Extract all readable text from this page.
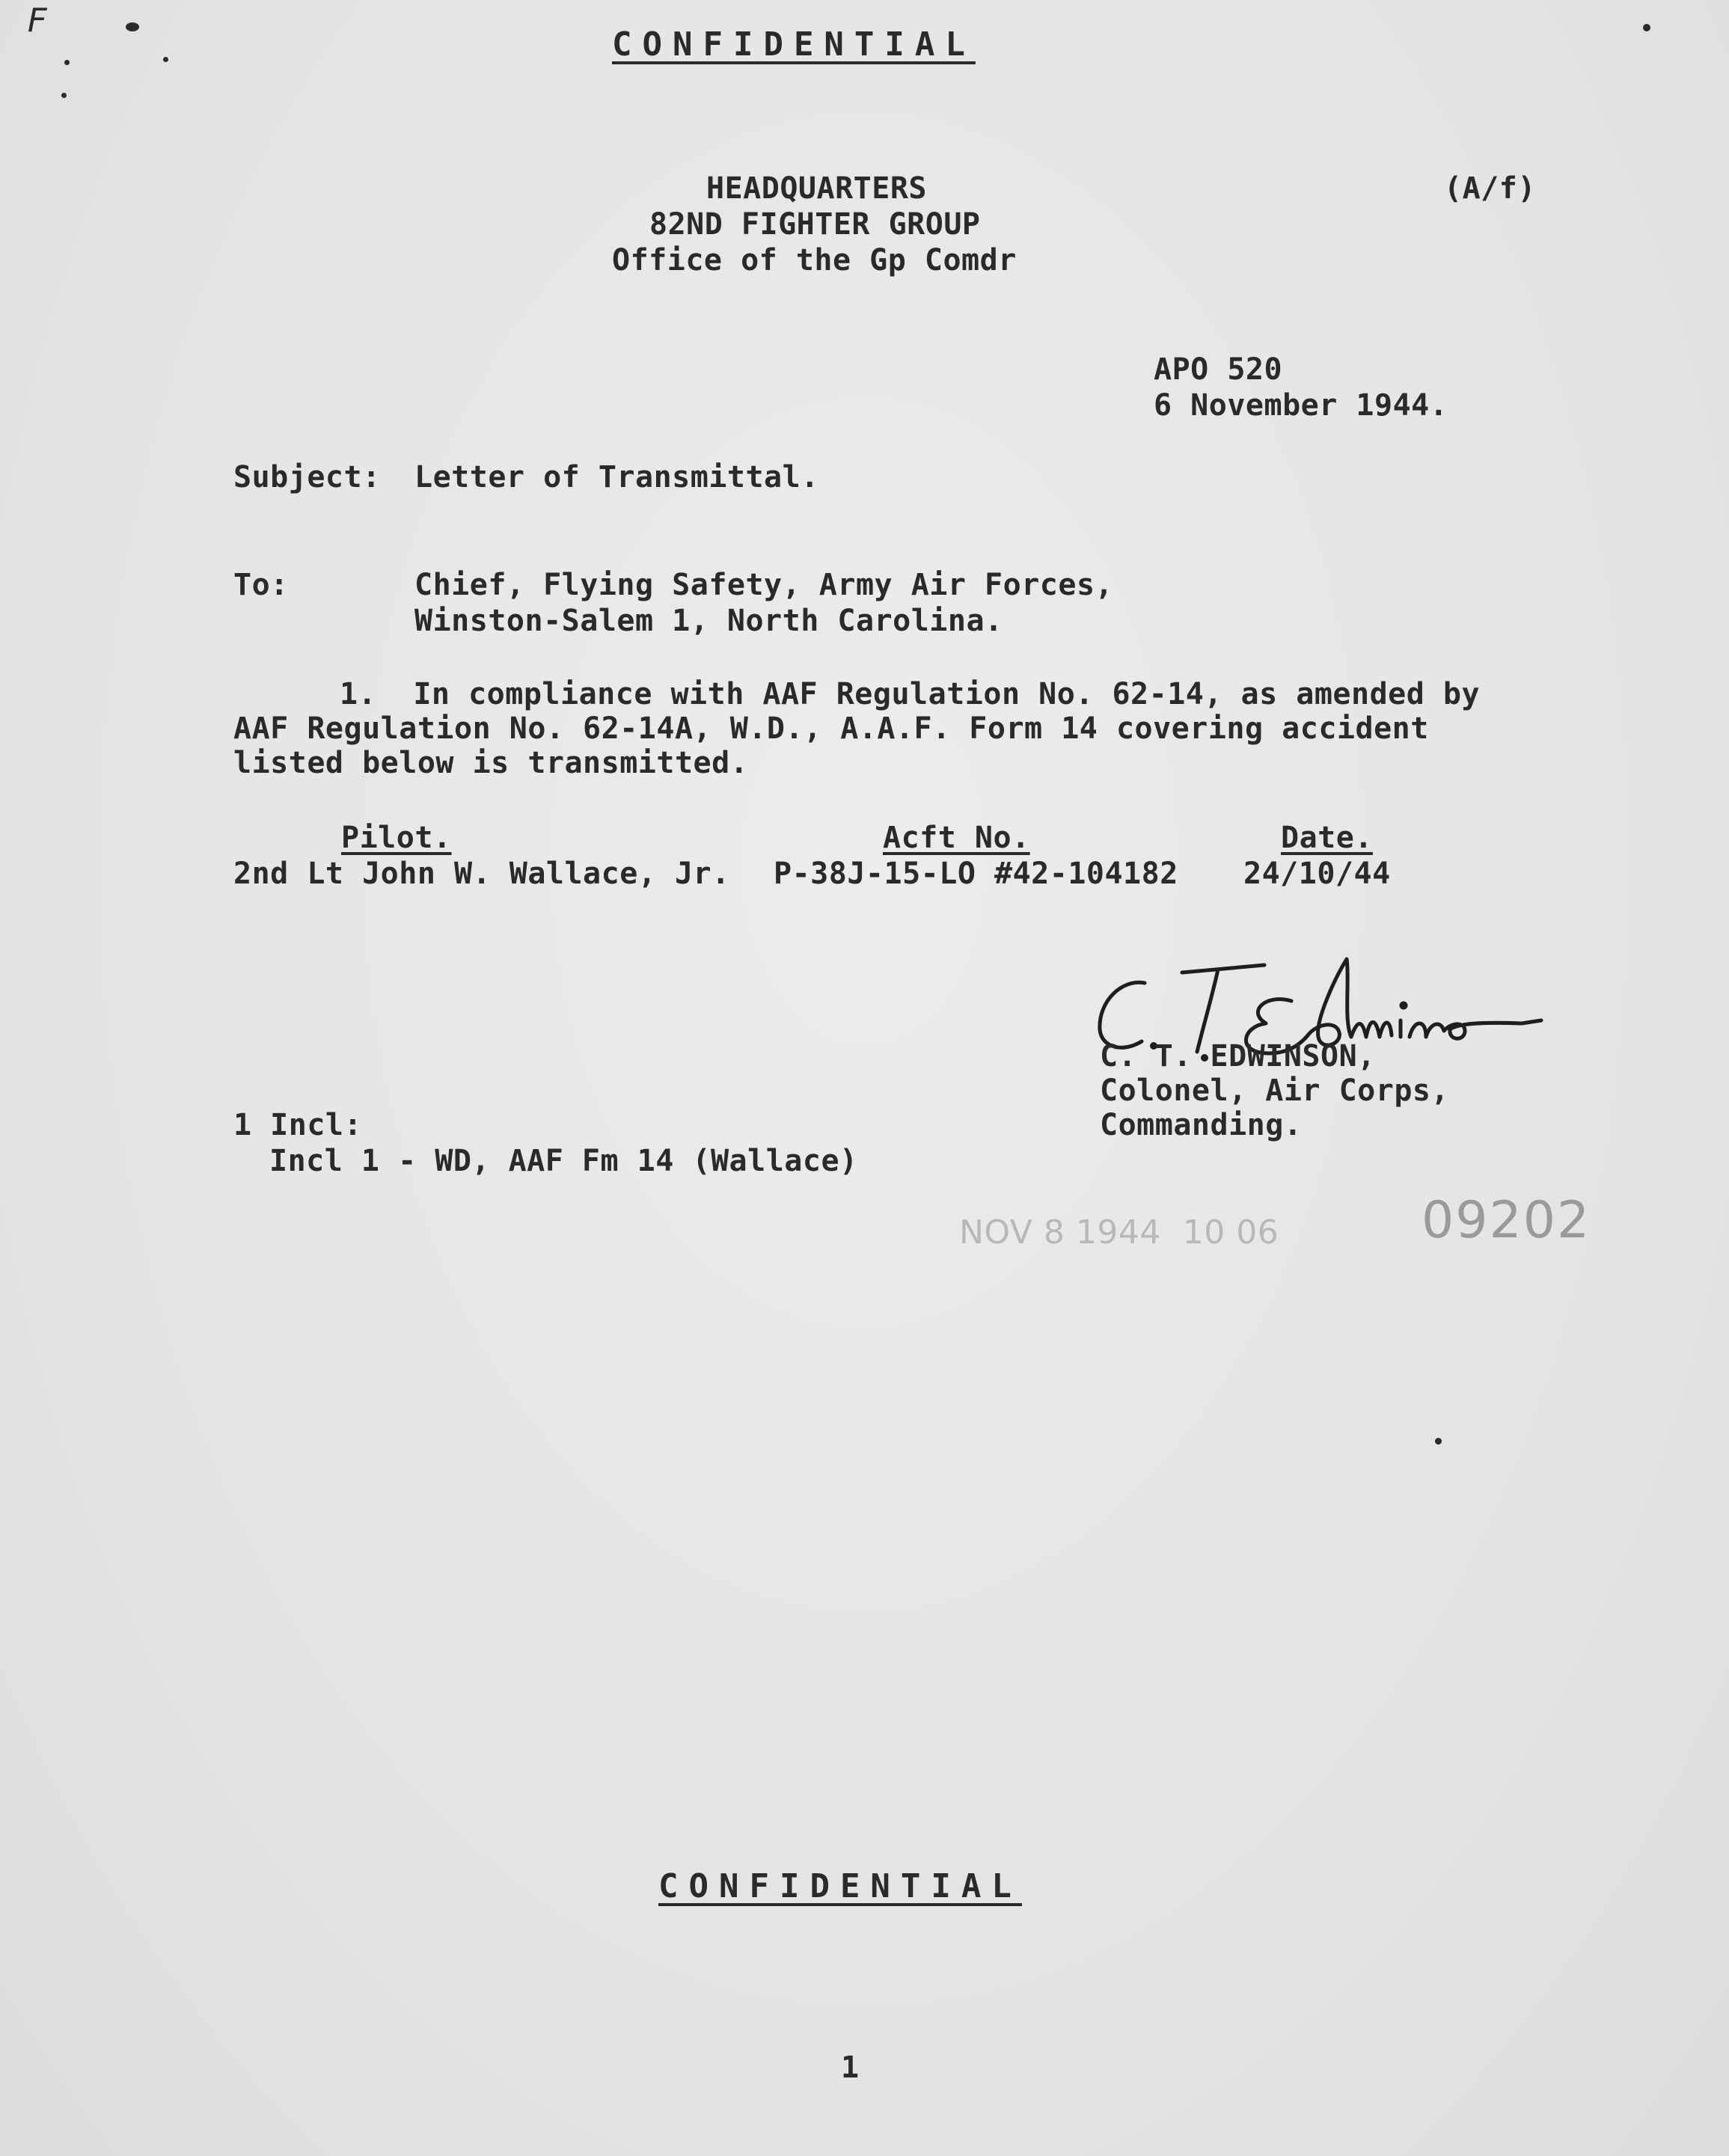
F
CONFIDENTIAL
HEADQUARTERS
82ND FIGHTER GROUP
Office of the Gp Comdr
(A/f)
APO 520
6 November 1944.
Subject: Letter of Transmittal.
To:	Chief, Flying Safety, Army Air Forces,
Winston-Salem 1, North Carolina.
1.  In compliance with AAF Regulation No. 62-14, as amended by
AAF Regulation No. 62-14A, W.D., A.A.F. Form 14 covering accident
listed below is transmitted.
Pilot.	Acft No.	Date.
2nd Lt John W. Wallace, Jr. P-38J-15-LO #42-104182 24/10/44
C. T. EDWINSON,
Colonel, Air Corps,
Commanding.
1 Incl:
Incl 1 - WD, AAF Fm 14 (Wallace)
NOV 8 1944  10 06	09202
CONFIDENTIAL
1
